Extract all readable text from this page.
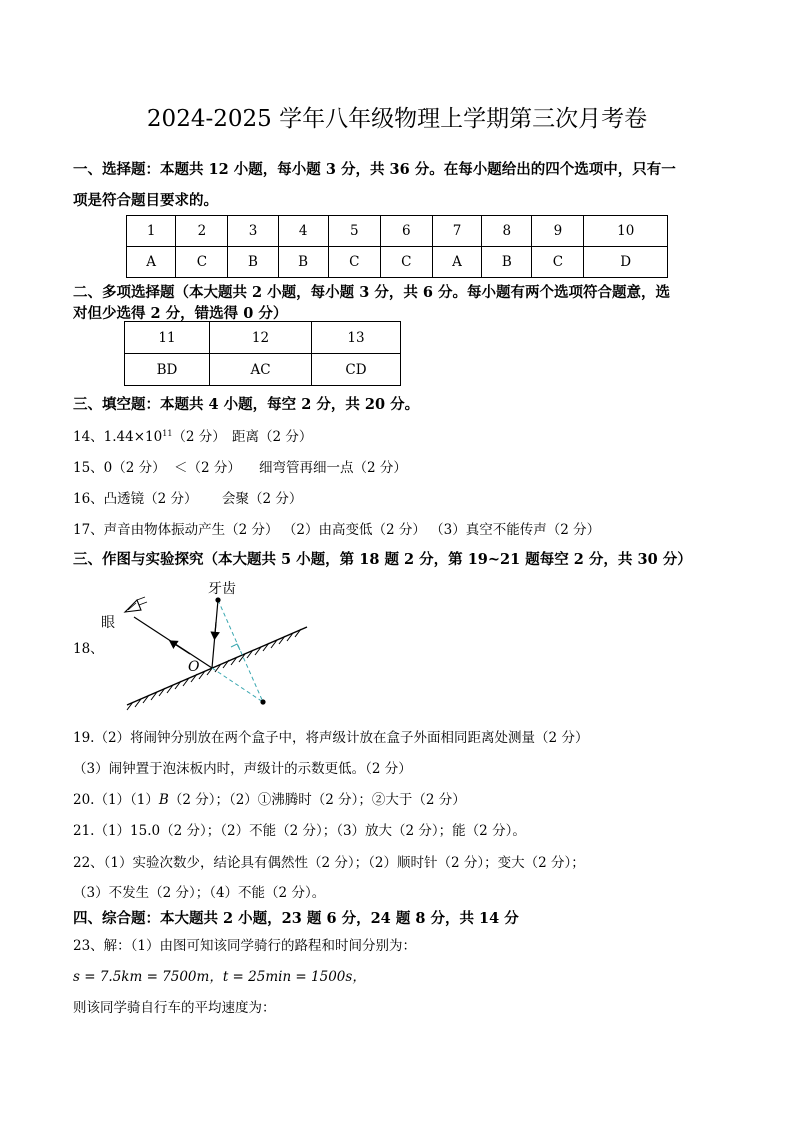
2024-2025 学年八年级物理上学期第三次月考卷
一、选择题：本题共 12 小题，每小题 3 分，共 36 分。在每小题给出的四个选项中，只有一
项是符合题目要求的。
1	2	3	4	5	6	7	8	9	10
A	C	B	B	C	C	A	B	C	D
二、多项选择题（本大题共 2 小题，每小题 3 分，共 6 分。每小题有两个选项符合题意，选
对但少选得 2 分，错选得 0 分）
11	12	13
BD	AC	CD
三、填空题：本题共 4 小题，每空 2 分，共 20 分。
14、$1.44\times 10^{11}(2$ 分） 距离（2 分）
15、0（2 分） ＜（2 分） 细弯管再细一点（2 分）
16、凸透镜（2 分） 会聚（2 分）
17、声音由物体振动产生（2 分） （2）由高变低（2 分） （3）真空不能传声（2 分）
三、作图与实验探究（本大题共 5 小题，第 18 题 2 分，第 19~21 题每空 2 分，共 30 分）
18、
牙齿
眼
O
19.（2）将闹钟分别放在两个盒子中，将声级计放在盒子外面相同距离处测量（2 分）
（3）闹钟置于泡沫板内时，声级计的示数更低。（2 分）
20.（1）（1）B（2 分）；（2）①沸腾时（2 分）；②大于（2 分）
21.（1）15.0（2 分）；（2）不能（2 分）；（3）放大（2 分）；能（2 分）。
22、（1）实验次数少，结论具有偶然性（2 分）；（2）顺时针（2 分）；变大（2 分）；
（3）不发生（2 分）；（4）不能（2 分）。
四、综合题：本大题共 2 小题，23 题 6 分，24 题 8 分，共 14 分
23、解：（1）由图可知该同学骑行的路程和时间分别为：
s = 7.5km = 7500m，t = 25min = 1500s，
则该同学骑自行车的平均速度为：
